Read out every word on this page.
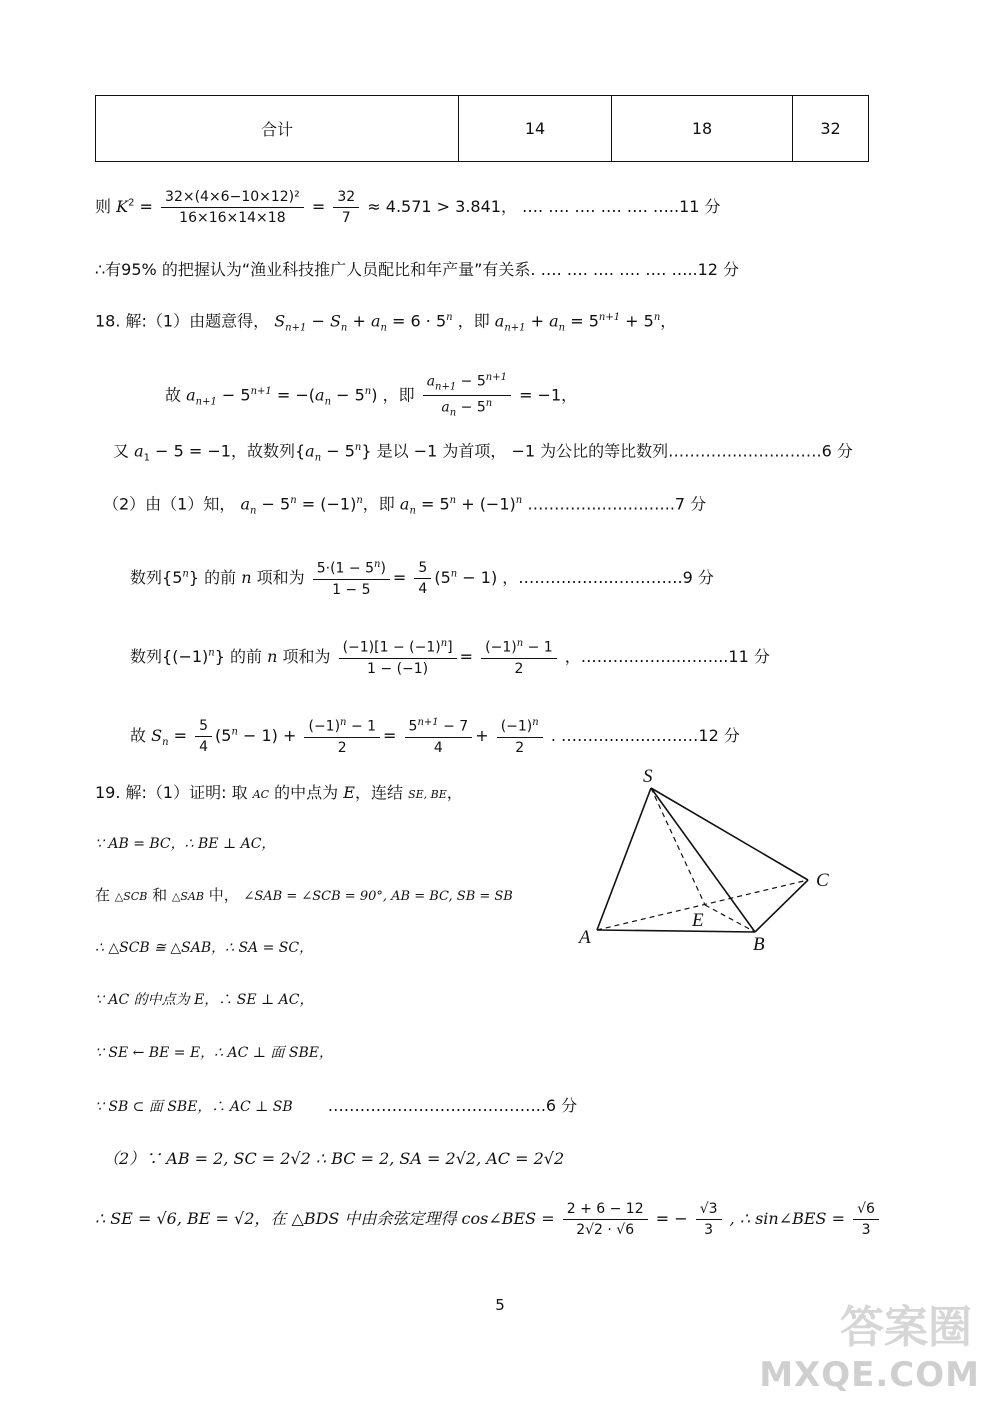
合计	14	18	32
则 $K^2 = \frac{\text{32×(4×6−10×12)²}}{16\times 16\times 14\times 18} = \frac{32}{7} \approx 4.571 > 3.841$， …. …. …. …. …. …..11 分
∴有95% 的把握认为“渔业科技推广人员配比和年产量”有关系. …. …. …. …. …. …..12 分
18. 解:（1）由题意得， $S_{n+1} - S_n + a_n = 6 \cdot 5^n$ ，即 $a_{n+1} + a_n = 5^{n+1} + 5^n$，
故 $a_{n+1} - 5^{n+1} = -(a_n - 5^n)$ ，即 $\frac{a_{n+1} - 5^{n+1}}{a_n - 5^n} = -1$，
又 $a_1 - 5 = -1$，故数列$\{a_n - 5^n\}$ 是以 −1 为首项， −1 为公比的等比数列…………..……..…….6 分
（2）由（1）知， $a_n - 5^n = (-1)^n$，即 $a_n = 5^n + (-1)^n$ …………..…..….…..7 分
数列{5$^n$} 的前 n 项和为 $\frac{5\cdot(1 - 5^n)}{1 - 5} = \frac{5}{4} (5^n - 1)$ ，……….……..………….9 分
数列$\{(-1)^n\}$ 的前 n 项和为 $\frac{(-1)[1 - (-1)^n]}{1 - (-1)} = \frac{(-1)^n - 1}{2}$ ，………..……..……...11 分
故 $S_n = \frac{5}{4} (5^n - 1) + \frac{(-1)^n - 1}{2} = \frac{5^{n+1} - 7}{4} + \frac{(-1)^n}{2}$ . ………..…..…….…12 分
19. 解:（1）证明: 取 AC 的中点为 E，连结 SE, BE，
∵ AB = BC，∴ BE ⊥ AC，
在 △SCB 和 △SAB 中， ∠SAB = ∠SCB = 90°, AB = BC, SB = SB
∴ △SCB ≅ △SAB，∴ SA = SC，
∵ AC 的中点为 E，∴ SE ⊥ AC，
∵ SE ← BE = E，∴ AC ⊥ 面 SBE，
∵ SB ⊂ 面 SBE，∴ AC ⊥ SB …………………………………..6 分
（2）∵ AB = 2, SC = 2√2 ∴ BC = 2, SA = 2√2, AC = 2√2
∴ SE = √6, BE = √2，在 △BDS 中由余弦定理得 cos∠BES = $\frac{2 + 6 - 12}{2√2 \cdot √6}$ = − $\frac{√3}{3}$ , ∴ sin∠BES = $\frac{√6}{3}$
S
A	B
C
E
5	答案圈
MXQE.COM
